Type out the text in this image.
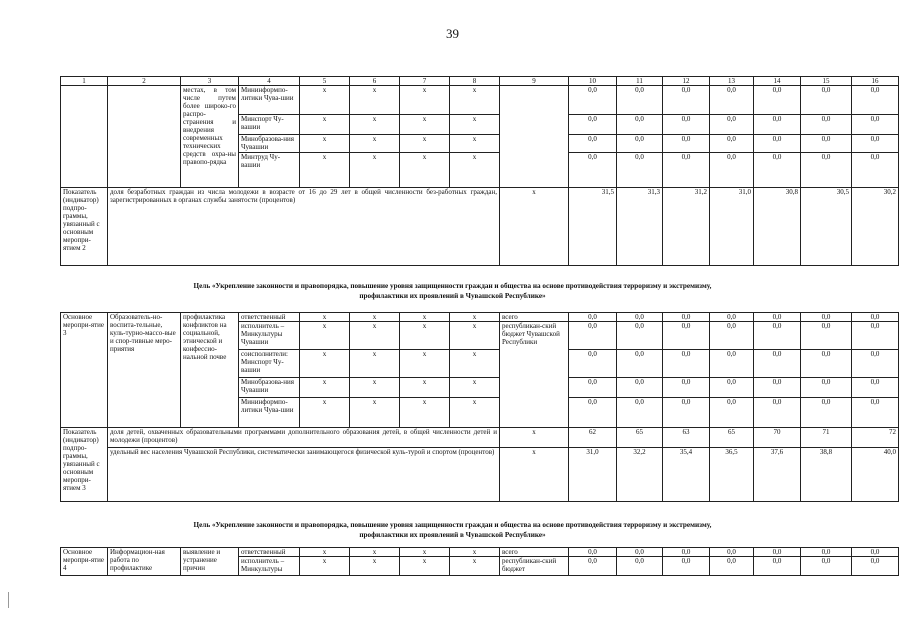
39
1	2	3	4	5	6	7	8	9	10	11	12	13	14	15	16
		местах, в том числе путем более широко-го распро-странения и внедрения современных технических средств охра-ны правопо-рядка	Мининформпо-литики Чува-шии	x	x	x	x		0,0	0,0	0,0	0,0	0,0	0,0	0,0
			Минспорт Чу-вашии	x	x	x	x		0,0	0,0	0,0	0,0	0,0	0,0	0,0
			Минобразова-ния Чувашии	x	x	x	x		0,0	0,0	0,0	0,0	0,0	0,0	0,0
			Минтруд Чу-вашии	x	x	x	x		0,0	0,0	0,0	0,0	0,0	0,0	0,0
Показатель (индикатор) подпро-граммы, увязанный с основным меропри-ятием 2	доля безработных граждан из числа молодежи в возрасте от 16 до 29 лет в общей численности без-работных граждан, зарегистрированных в органах службы занятости (процентов)							x	31,5	31,3	31,2	31,0	30,8	30,5	30,2
Цель «Укрепление законности и правопорядка, повышение уровня защищенности граждан и общества на основе противодействия терроризму и экстремизму,
профилактики их проявлений в Чувашской Республике»
Основное меропри-ятие 3	Образователь-но-воспита-тельные, куль-турно-массо-вые и спор-тивные меро-приятия	профилактика конфликтов на социальной, этнической и конфессио-нальной почве	ответственный	x	x	x	x	всего	0,0	0,0	0,0	0,0	0,0	0,0	0,0
			исполнитель – Минкультуры Чувашии	x	x	x	x	республикан-ский бюджет Чувашской Республики	0,0	0,0	0,0	0,0	0,0	0,0	0,0
			соисполнители: Минспорт Чу-вашии	x	x	x	x		0,0	0,0	0,0	0,0	0,0	0,0	0,0
			Минобразова-ния Чувашии	x	x	x	x		0,0	0,0	0,0	0,0	0,0	0,0	0,0
			Мининформпо-литики Чува-шии	x	x	x	x		0,0	0,0	0,0	0,0	0,0	0,0	0,0
Показатель (индикатор) подпро-граммы, увязанный с основным меропри-ятием 3	доля детей, охваченных образовательными программами дополнительного образования детей, в общей численности детей и молодежи (процентов)							x	62	65	63	65	70	71	72
	удельный вес населения Чувашской Республики, систематически занимающегося физической куль-турой и спортом (процентов)							x	31,0	32,2	35,4	36,5	37,6	38,8	40,0
Цель «Укрепление законности и правопорядка, повышение уровня защищенности граждан и общества на основе противодействия терроризму и экстремизму,
профилактики их проявлений в Чувашской Республике»
Основное меропри-ятие 4	Информацион-ная работа по профилактике	выявление и устранение причин	ответственный	x	x	x	x	всего	0,0	0,0	0,0	0,0	0,0	0,0	0,0
			исполнитель – Минкультуры	x	x	x	x	республикан-ский бюджет	0,0	0,0	0,0	0,0	0,0	0,0	0,0
